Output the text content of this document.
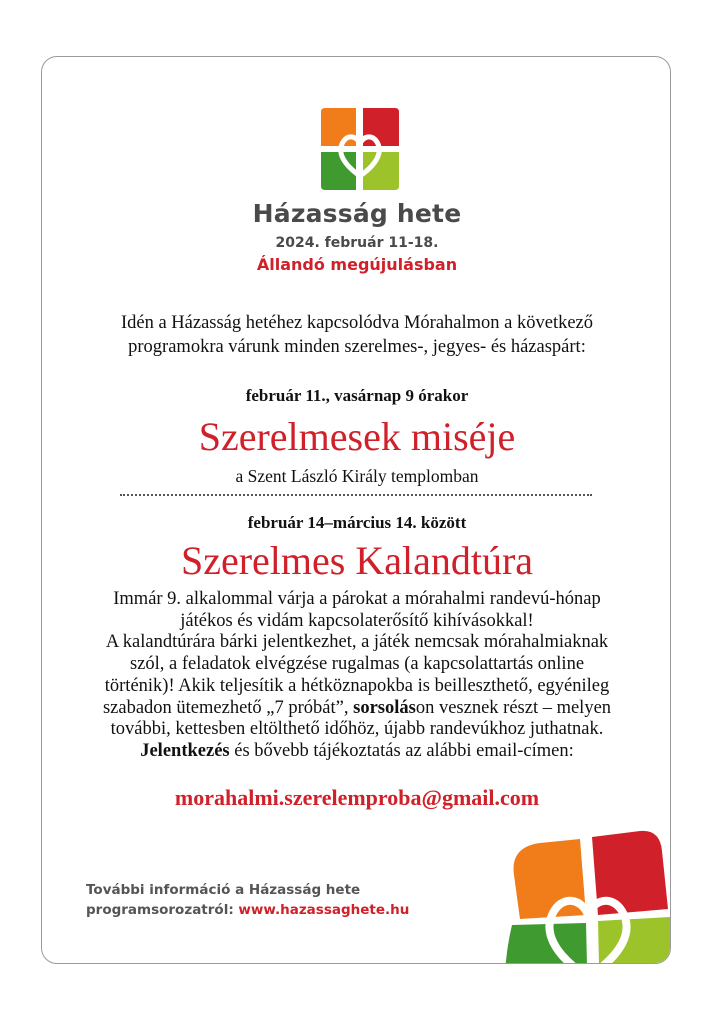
Házasság hete
2024. február 11-18.
Állandó megújulásban
Idén a Házasság hetéhez kapcsolódva Mórahalmon a következő
programokra várunk minden szerelmes-, jegyes- és házaspárt:
február 11., vasárnap 9 órakor
Szerelmesek miséje
a Szent László Király templomban
február 14–március 14. között
Szerelmes Kalandtúra

Immár 9. alkalommal várja a párokat a mórahalmi randevú-hónap

játékos és vidám kapcsolaterősítő kihívásokkal!

A kalandtúrára bárki jelentkezhet, a játék nemcsak mórahalmiaknak

szól, a feladatok elvégzése rugalmas (a kapcsolattartás online

történik)! Akik teljesítik a hétköznapokba is beilleszthető, egyénileg

szabadon ütemezhető „7 próbát”, sorsoláson vesznek részt – melyen

további, kettesben eltölthető időhöz, újabb randevúkhoz juthatnak.

Jelentkezés és bővebb tájékoztatás az alábbi email-címen:

morahalmi.szerelemproba@gmail.com
További információ a Házasság hete
programsorozatról: www.hazassaghete.hu
